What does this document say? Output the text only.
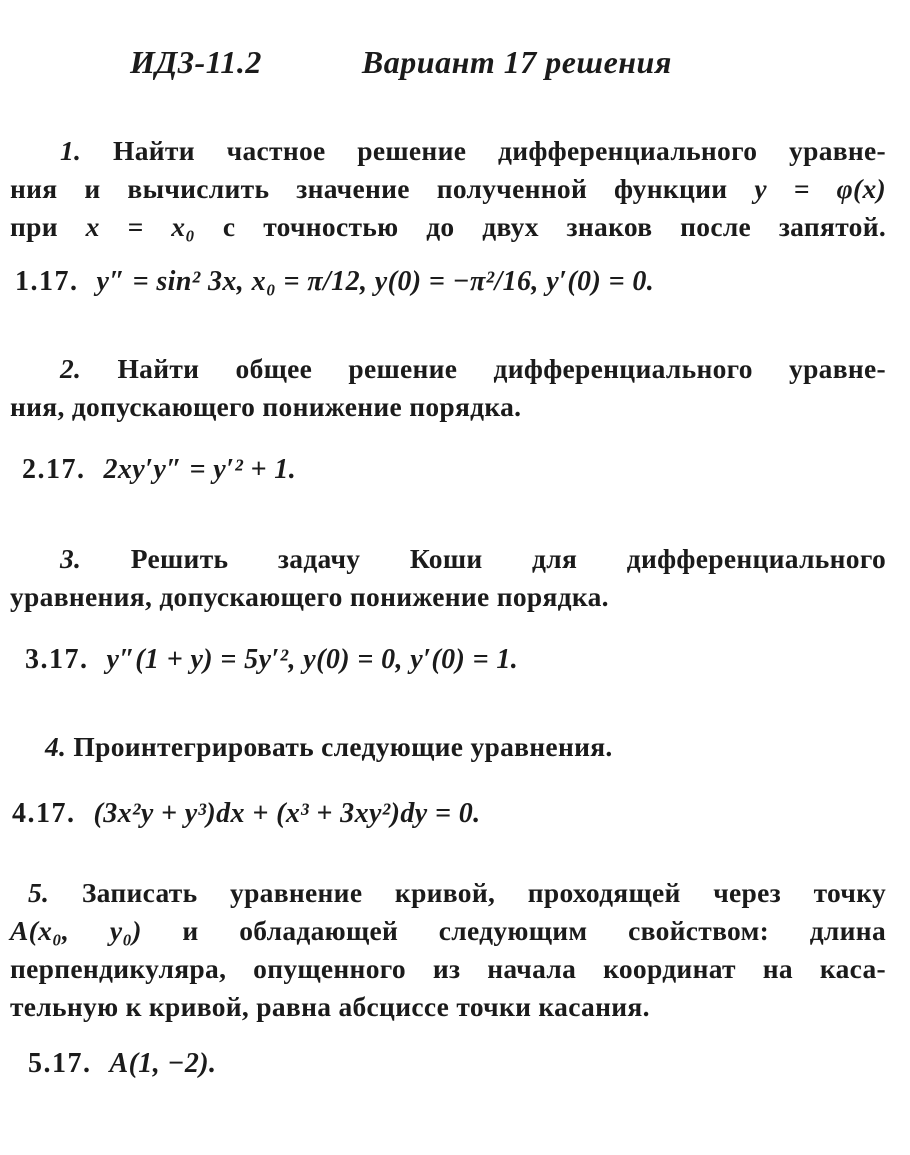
ИДЗ-11.2	Вариант 17 решения
1. Найти частное решение дифференциального уравне-
ния и вычислить значение полученной функции y = φ(x)
при x = x₀ с точностью до двух знаков после запятой.
1.17. y″ = sin² 3x, x₀ = π/12, y(0) = −π²/16, y′(0) = 0.
2. Найти общее решение дифференциального уравне-
ния, допускающего понижение порядка.
2.17. 2xy′y″ = y′² + 1.
3. Решить задачу Коши для дифференциального
уравнения, допускающего понижение порядка.
3.17. y″(1 + y) = 5y′², y(0) = 0, y′(0) = 1.
4. Проинтегрировать следующие уравнения.
4.17. (3x²y + y³)dx + (x³ + 3xy²)dy = 0.
5. Записать уравнение кривой, проходящей через точку
A(x₀, y₀) и обладающей следующим свойством: длина
перпендикуляра, опущенного из начала координат на каса-
тельную к кривой, равна абсциссе точки касания.
5.17. A(1, −2).
